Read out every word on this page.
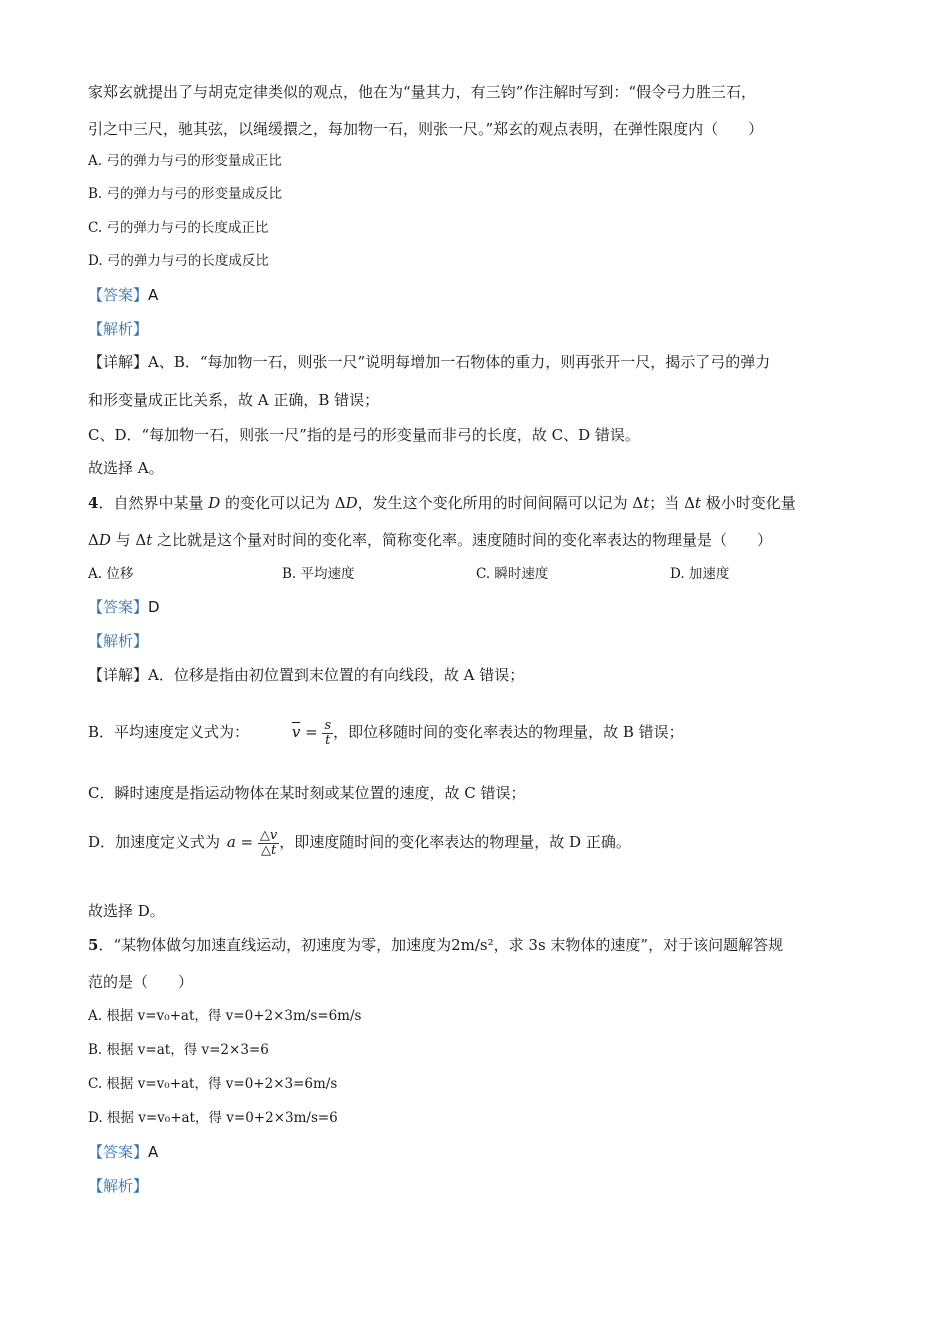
家郑玄就提出了与胡克定律类似的观点，他在为“量其力，有三钧”作注解时写到：“假令弓力胜三石，
引之中三尺，驰其弦，以绳缓擐之，每加物一石，则张一尺。”郑玄的观点表明，在弹性限度内（　　）
A. 弓的弹力与弓的形变量成正比
B. 弓的弹力与弓的形变量成反比
C. 弓的弹力与弓的长度成正比
D. 弓的弹力与弓的长度成反比
【答案】A
【解析】
【详解】A、B．“每加物一石，则张一尺”说明每增加一石物体的重力，则再张开一尺，揭示了弓的弹力
和形变量成正比关系，故 A 正确，B 错误；
C、D．“每加物一石，则张一尺”指的是弓的形变量而非弓的长度，故 C、D 错误。
故选择 A。
4．自然界中某量 D 的变化可以记为 ΔD，发生这个变化所用的时间间隔可以记为 Δt；当 Δt 极小时变化量
ΔD 与 Δt 之比就是这个量对时间的变化率，简称变化率。速度随时间的变化率表达的物理量是（　　）
A. 位移	B. 平均速度	C. 瞬时速度	D. 加速度
【答案】D
【解析】
【详解】A．位移是指由初位置到末位置的有向线段，故 A 错误；
B．平均速度定义式为：	$\overline{v} = \frac{s}{t}$ ，即位移随时间的变化率表达的物理量，故 B 错误；
C．瞬时速度是指运动物体在某时刻或某位置的速度，故 C 错误；
D．加速度定义式为 $a = \frac{\triangle v}{\triangle t}$ ，即速度随时间的变化率表达的物理量，故 D 正确。
故选择 D。
5．“某物体做匀加速直线运动，初速度为零，加速度为2m/s²，求 3s 末物体的速度”，对于该问题解答规
范的是（　　）
A. 根据 v=v₀+at，得 v=0+2×3m/s=6m/s
B. 根据 v=at，得 v=2×3=6
C. 根据 v=v₀+at，得 v=0+2×3=6m/s
D. 根据 v=v₀+at，得 v=0+2×3m/s=6
【答案】A
【解析】
